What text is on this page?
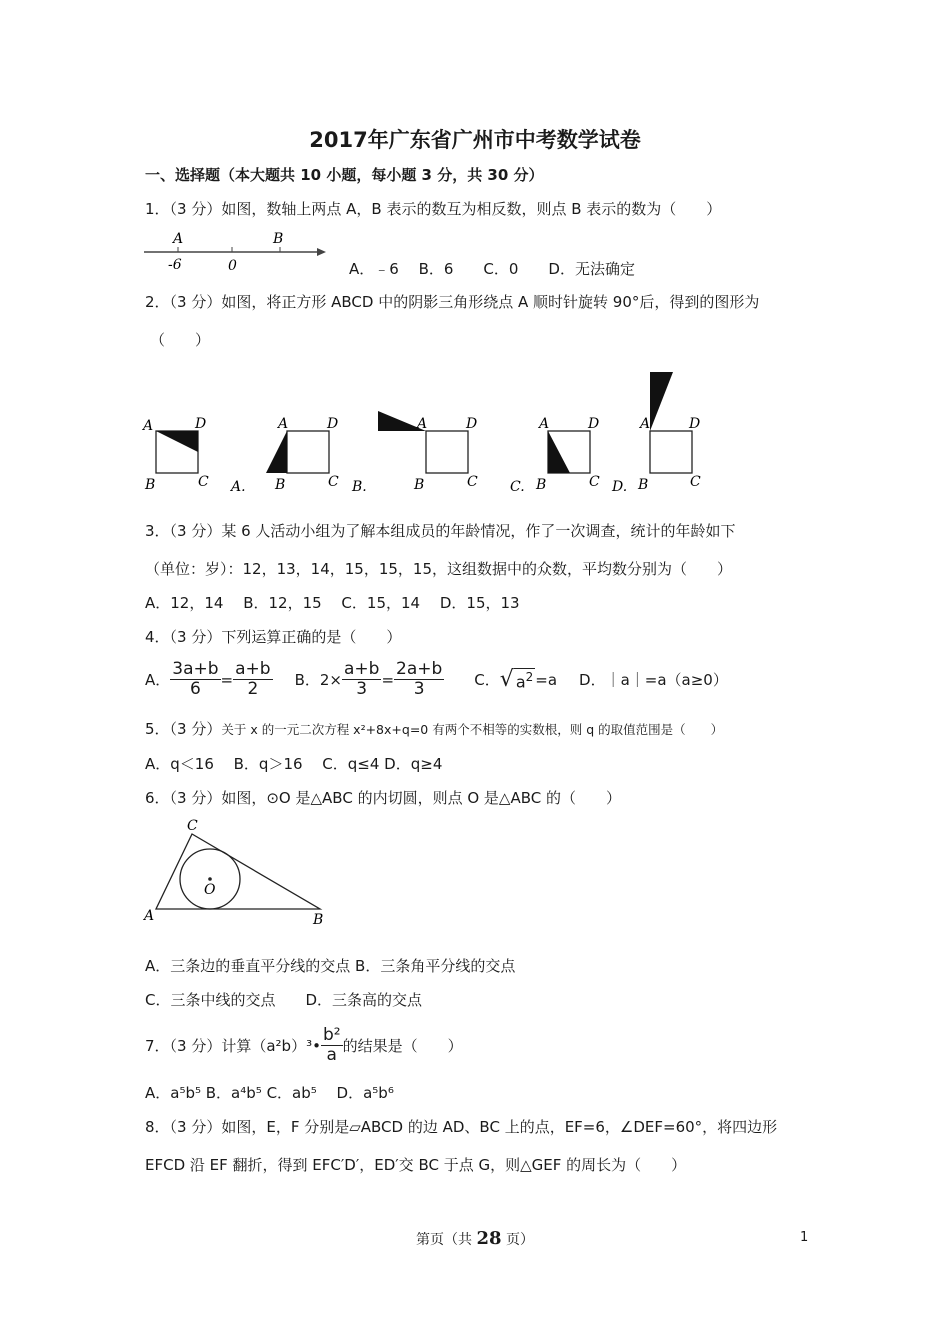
2017年广东省广州市中考数学试卷
一、选择题（本大题共 10 小题，每小题 3 分，共 30 分）
1．（3 分）如图，数轴上两点 A，B 表示的数互为相反数，则点 B 表示的数为（　　）
A	B
-6	0	A．﹣6　 B．6　　C．0　　D．无法确定
2．（3 分）如图，将正方形 ABCD 中的阴影三角形绕点 A 顺时针旋转 90°后，得到的图形为
（　　）
A	D
B	C A.
A	D
B	C B.
A	D
B	C C.
A	D
B	C D.
A	D
B	C
3．（3 分）某 6 人活动小组为了解本组成员的年龄情况，作了一次调查，统计的年龄如下
（单位：岁）：12，13，14，15，15，15，这组数据中的众数，平均数分别为（　　）
A．12，14　 B．12，15　 C．15，14　 D．15，13
4．（3 分）下列运算正确的是（　　）
A． $\frac{3a+b}{6} = \frac{a+b}{2}$ B．$2\times \frac{a+b}{3} = \frac{2a+b}{3}$ C． √ $a^2 =a$ D．｜a｜=a（a≥0）
5．（3 分）关于 x 的一元二次方程 x²+8x+q=0 有两个不相等的实数根，则 q 的取值范围是（　　）
A．q＜16　 B．q＞16　 C．q≤4 D．q≥4
6．（3 分）如图，⊙O 是△ABC 的内切圆，则点 O 是△ABC 的（　　）
A	B
C
O
A．三条边的垂直平分线的交点 B．三条角平分线的交点
C．三条中线的交点　　D．三条高的交点
7．（3 分）计算（a²b）³• $\frac{\text{b²}}{a}$ 的结果是（　　）
A．a⁵b⁵ B．a⁴b⁵ C．ab⁵　 D．a⁵b⁶
8．（3 分）如图，E，F 分别是▱ABCD 的边 AD、BC 上的点，EF=6，∠DEF=60°，将四边形
EFCD 沿 EF 翻折，得到 EFC′D′，ED′交 BC 于点 G，则△GEF 的周长为（　　）
第页（共 28 页）	1
